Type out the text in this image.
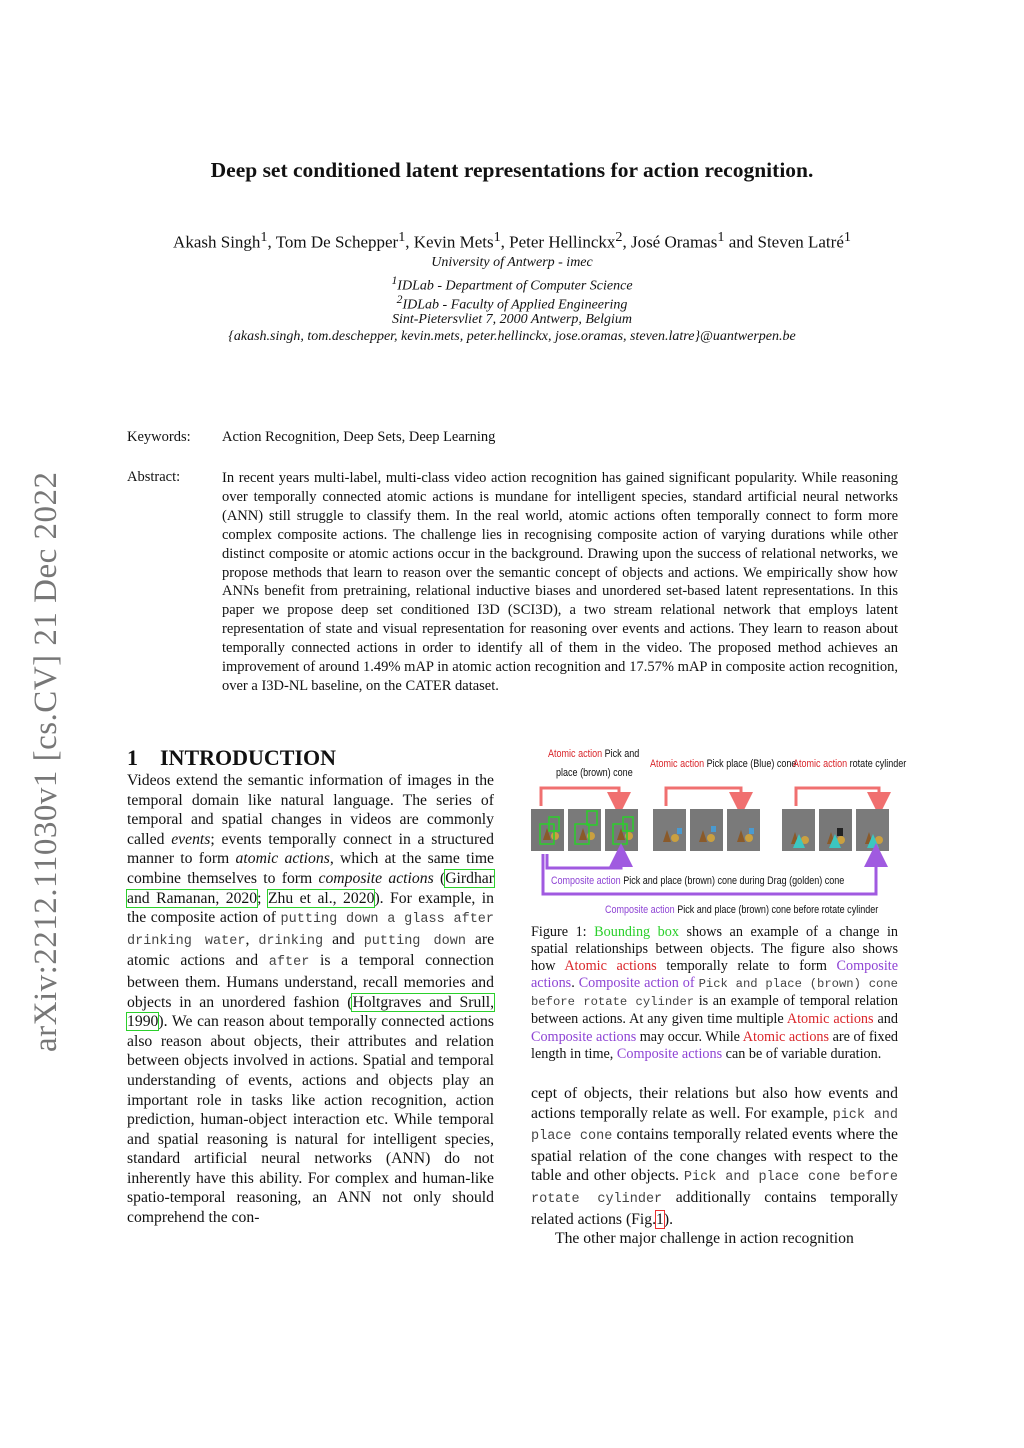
arXiv:2212.11030v1 [cs.CV] 21 Dec 2022
Deep set conditioned latent representations for action recognition.
Akash Singh$^1$, Tom De Schepper$^1$, Kevin Mets$^1$, Peter Hellinckx$^2$, José Oramas$^1$ and Steven Latré$^1$
University of Antwerp - imec
$^1$IDLab - Department of Computer Science
$^2$IDLab - Faculty of Applied Engineering
Sint-Pietersvliet 7, 2000 Antwerp, Belgium
{akash.singh, tom.deschepper, kevin.mets, peter.hellinckx, jose.oramas, steven.latre}@uantwerpen.be
Keywords: Action Recognition, Deep Sets, Deep Learning
Abstract:	In recent years multi-label, multi-class video action recognition has gained significant popularity. While reasoning over temporally connected atomic actions is mundane for intelligent species, standard artificial neural networks (ANN) still struggle to classify them. In the real world, atomic actions often temporally connect to form more complex composite actions. The challenge lies in recognising composite action of varying durations while other distinct composite or atomic actions occur in the background. Drawing upon the success of relational networks, we propose methods that learn to reason over the semantic concept of objects and actions. We empirically show how ANNs benefit from pretraining, relational inductive biases and unordered set-based latent representations. In this paper we propose deep set conditioned I3D (SCI3D), a two stream relational network that employs latent representation of state and visual representation for reasoning over events and actions. They learn to reason about temporally connected actions in order to identify all of them in the video. The proposed method achieves an improvement of around 1.49% mAP in atomic action recognition and 17.57% mAP in composite action recognition, over a I3D-NL baseline, on the CATER dataset.
1 INTRODUCTION

Videos extend the semantic information of images in the temporal domain like natural language. The series of temporal and spatial changes in videos are commonly called events; events temporally connect in a structured manner to form atomic actions, which at the same time combine themselves to form composite actions (Girdhar and Ramanan, 2020; Zhu et al., 2020). For example, in the composite action of putting down a glass after drinking water, drinking and putting down are atomic actions and after is a temporal connection between them. Humans understand, recall memories and objects in an unordered fashion (Holtgraves and Srull, 1990). We can reason about temporally connected actions also reason about objects, their attributes and relation between objects involved in actions. Spatial and temporal understanding of events, actions and objects play an important role in tasks like action recognition, action prediction, human-object interaction etc. While temporal and spatial reasoning is natural for intelligent species, standard artificial neural networks (ANN) do not inherently have this ability. For complex and human-like spatio-temporal reasoning, an ANN not only should comprehend the con-

Atomic action Pick and
place (brown) cone
Atomic action Pick place (Blue) cone
Atomic action rotate cylinder
Composite action Pick and place (brown) cone during Drag (golden) cone
Composite action Pick and place (brown) cone before rotate cylinder
Figure 1: Bounding box shows an example of a change in spatial relationships between objects. The figure also shows how Atomic actions temporally relate to form Composite actions. Composite action of Pick and place (brown) cone before rotate cylinder is an example of temporal relation between actions. At any given time multiple Atomic actions and Composite actions may occur. While Atomic actions are of fixed length in time, Composite actions can be of variable duration.

cept of objects, their relations but also how events and actions temporally relate as well. For example, pick and place cone contains temporally related events where the spatial relation of the cone changes with respect to the table and other objects. Pick and place cone before rotate cylinder additionally contains temporally related actions (Fig.1).

The other major challenge in action recognition
